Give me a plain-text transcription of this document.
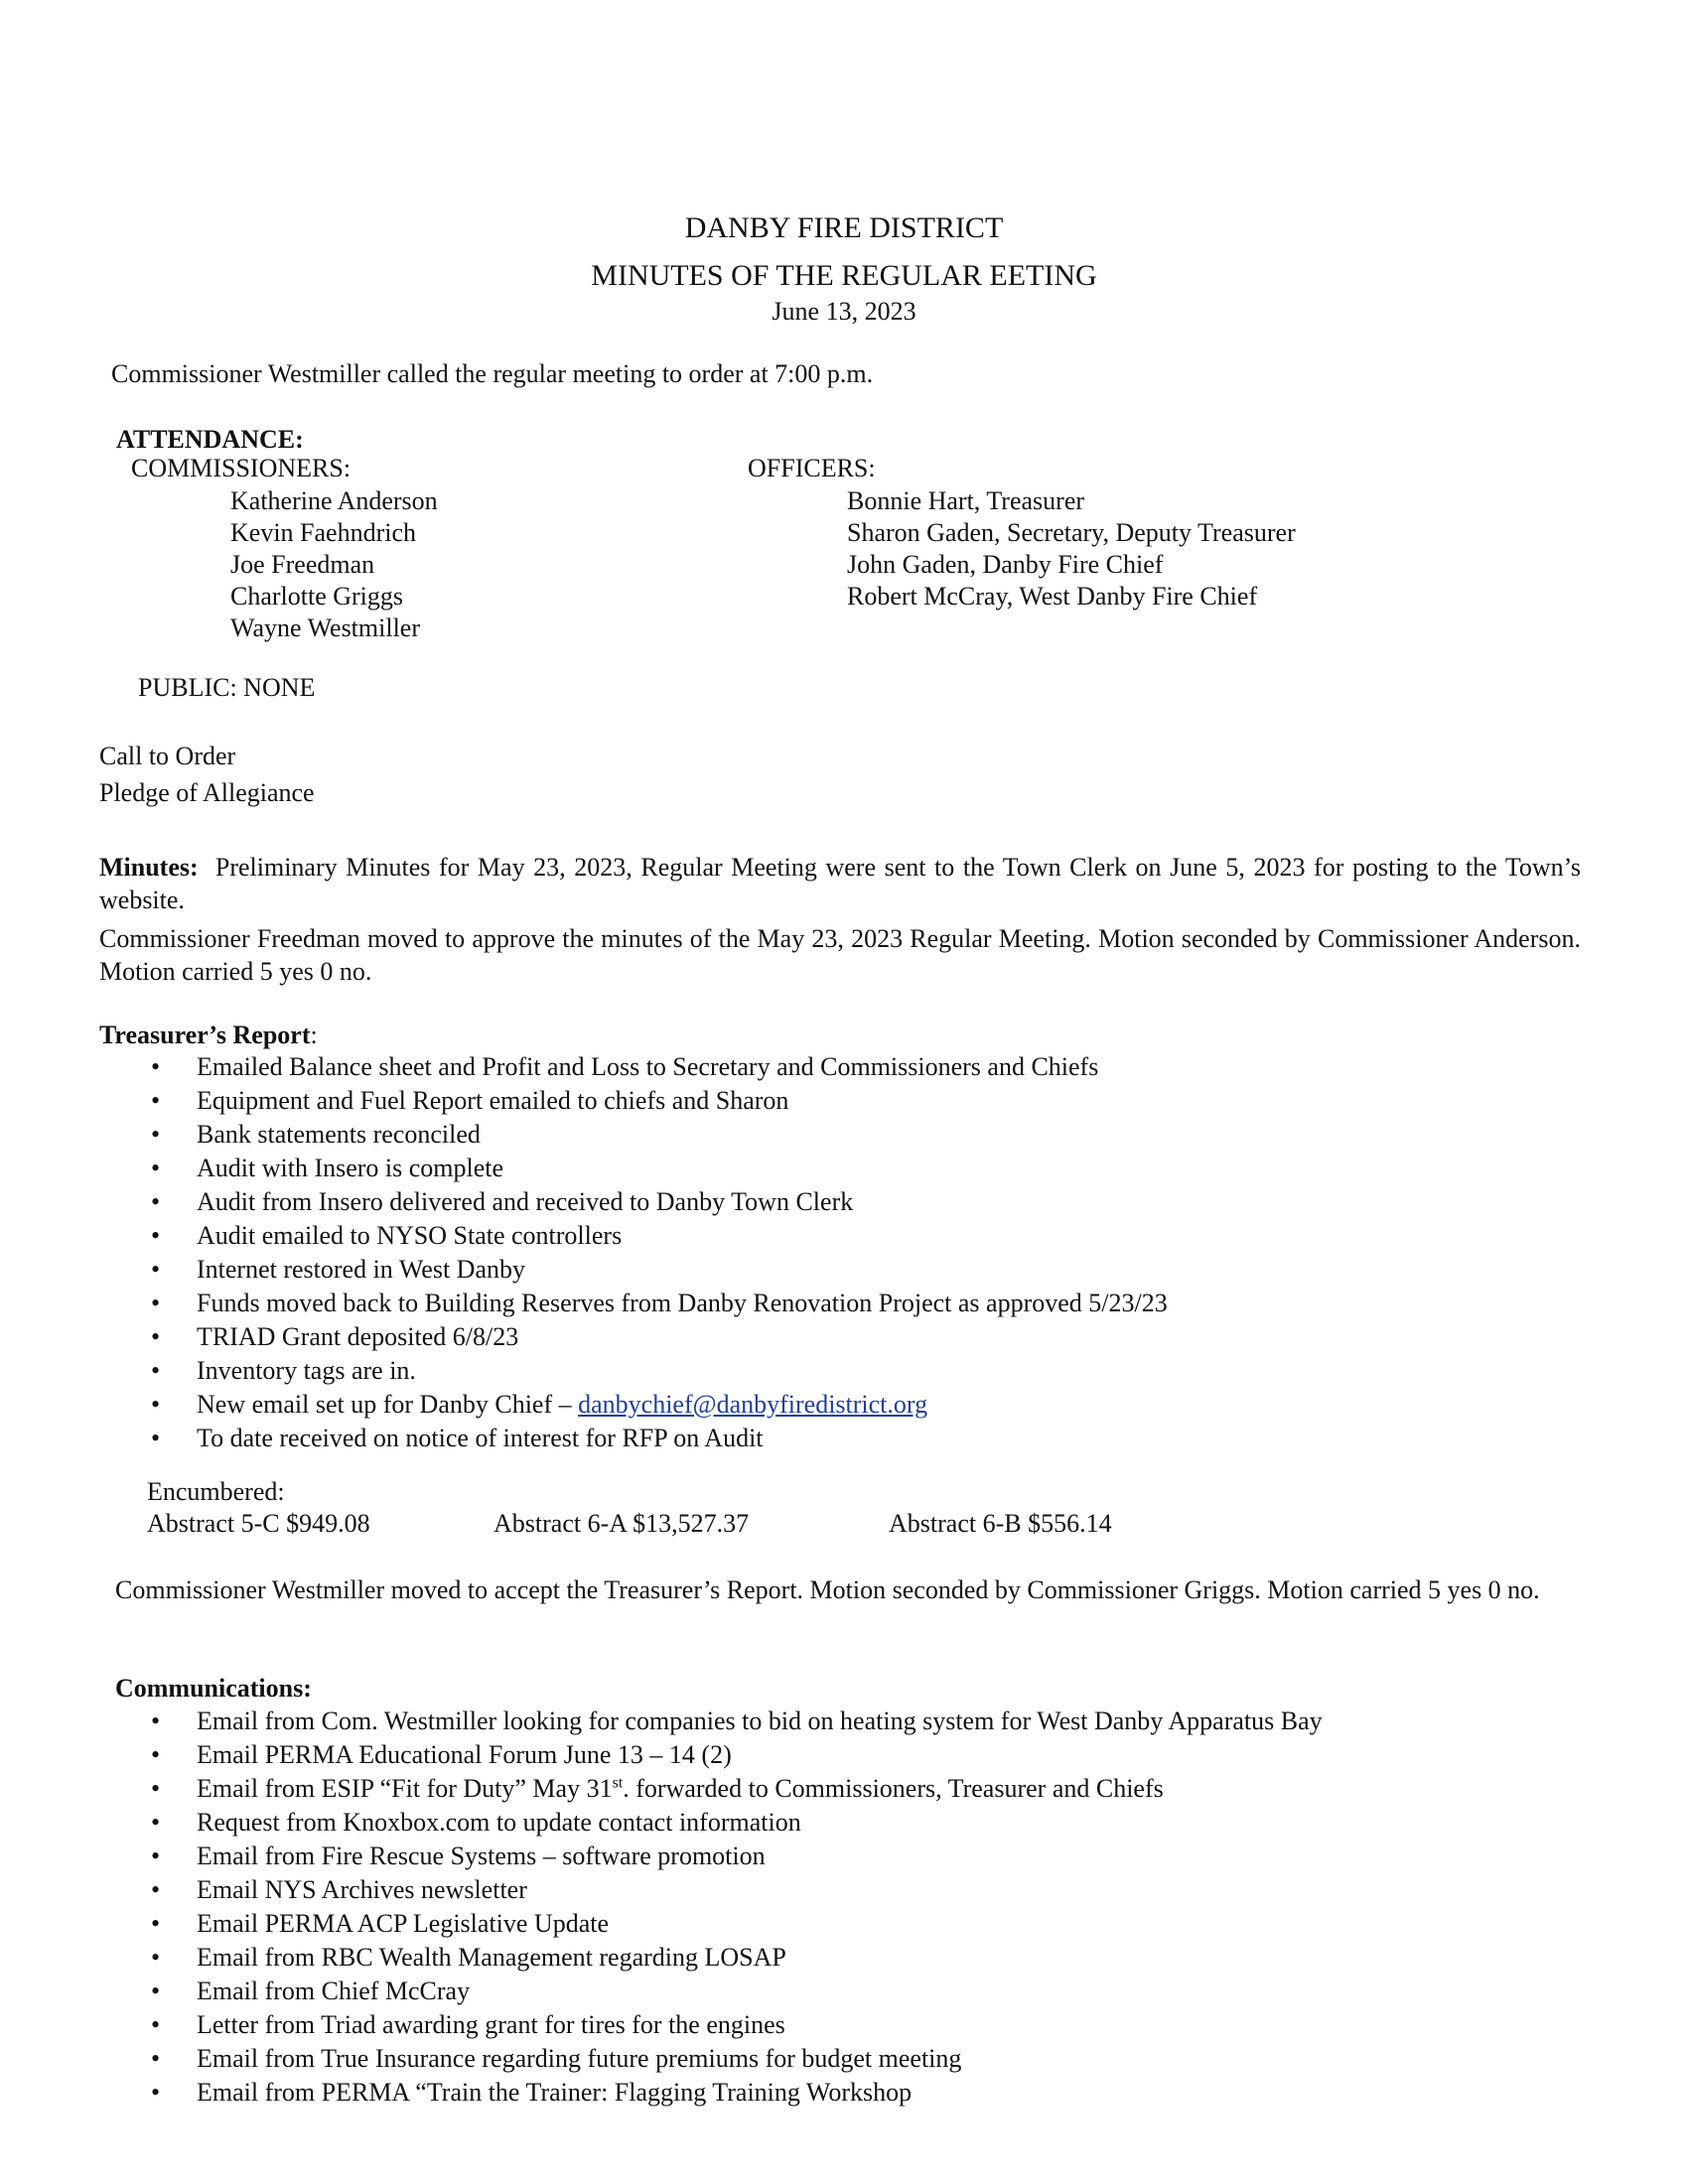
DANBY FIRE DISTRICT
MINUTES OF THE REGULAR EETING
June 13, 2023
Commissioner Westmiller called the regular meeting to order at 7:00 p.m.
ATTENDANCE:
COMMISSIONERS:
Katherine Anderson
Kevin Faehndrich
Joe Freedman
Charlotte Griggs
Wayne Westmiller
OFFICERS:
Bonnie Hart, Treasurer
Sharon Gaden, Secretary, Deputy Treasurer
John Gaden, Danby Fire Chief
Robert McCray, West Danby Fire Chief
PUBLIC: NONE
Call to Order
Pledge of Allegiance
Minutes: Preliminary Minutes for May 23, 2023, Regular Meeting were sent to the Town Clerk on June 5, 2023 for posting to the Town’s website.
Commissioner Freedman moved to approve the minutes of the May 23, 2023 Regular Meeting. Motion seconded by Commissioner Anderson. Motion carried 5 yes 0 no.
Treasurer’s Report:
• Emailed Balance sheet and Profit and Loss to Secretary and Commissioners and Chiefs
• Equipment and Fuel Report emailed to chiefs and Sharon
• Bank statements reconciled
• Audit with Insero is complete
• Audit from Insero delivered and received to Danby Town Clerk
• Audit emailed to NYSO State controllers
• Internet restored in West Danby
• Funds moved back to Building Reserves from Danby Renovation Project as approved 5/23/23
• TRIAD Grant deposited 6/8/23
• Inventory tags are in.
• New email set up for Danby Chief – danbychief@danbyfiredistrict.org
• To date received on notice of interest for RFP on Audit
Encumbered:
Abstract 5-C $949.08	Abstract 6-A $13,527.37	Abstract 6-B $556.14
Commissioner Westmiller moved to accept the Treasurer’s Report. Motion seconded by Commissioner Griggs. Motion carried 5 yes 0 no.
Communications:
• Email from Com. Westmiller looking for companies to bid on heating system for West Danby Apparatus Bay
• Email PERMA Educational Forum June 13 – 14 (2)
• Email from ESIP “Fit for Duty” May 31st. forwarded to Commissioners, Treasurer and Chiefs
• Request from Knoxbox.com to update contact information
• Email from Fire Rescue Systems – software promotion
• Email NYS Archives newsletter
• Email PERMA ACP Legislative Update
• Email from RBC Wealth Management regarding LOSAP
• Email from Chief McCray
• Letter from Triad awarding grant for tires for the engines
• Email from True Insurance regarding future premiums for budget meeting
• Email from PERMA “Train the Trainer: Flagging Training Workshop
